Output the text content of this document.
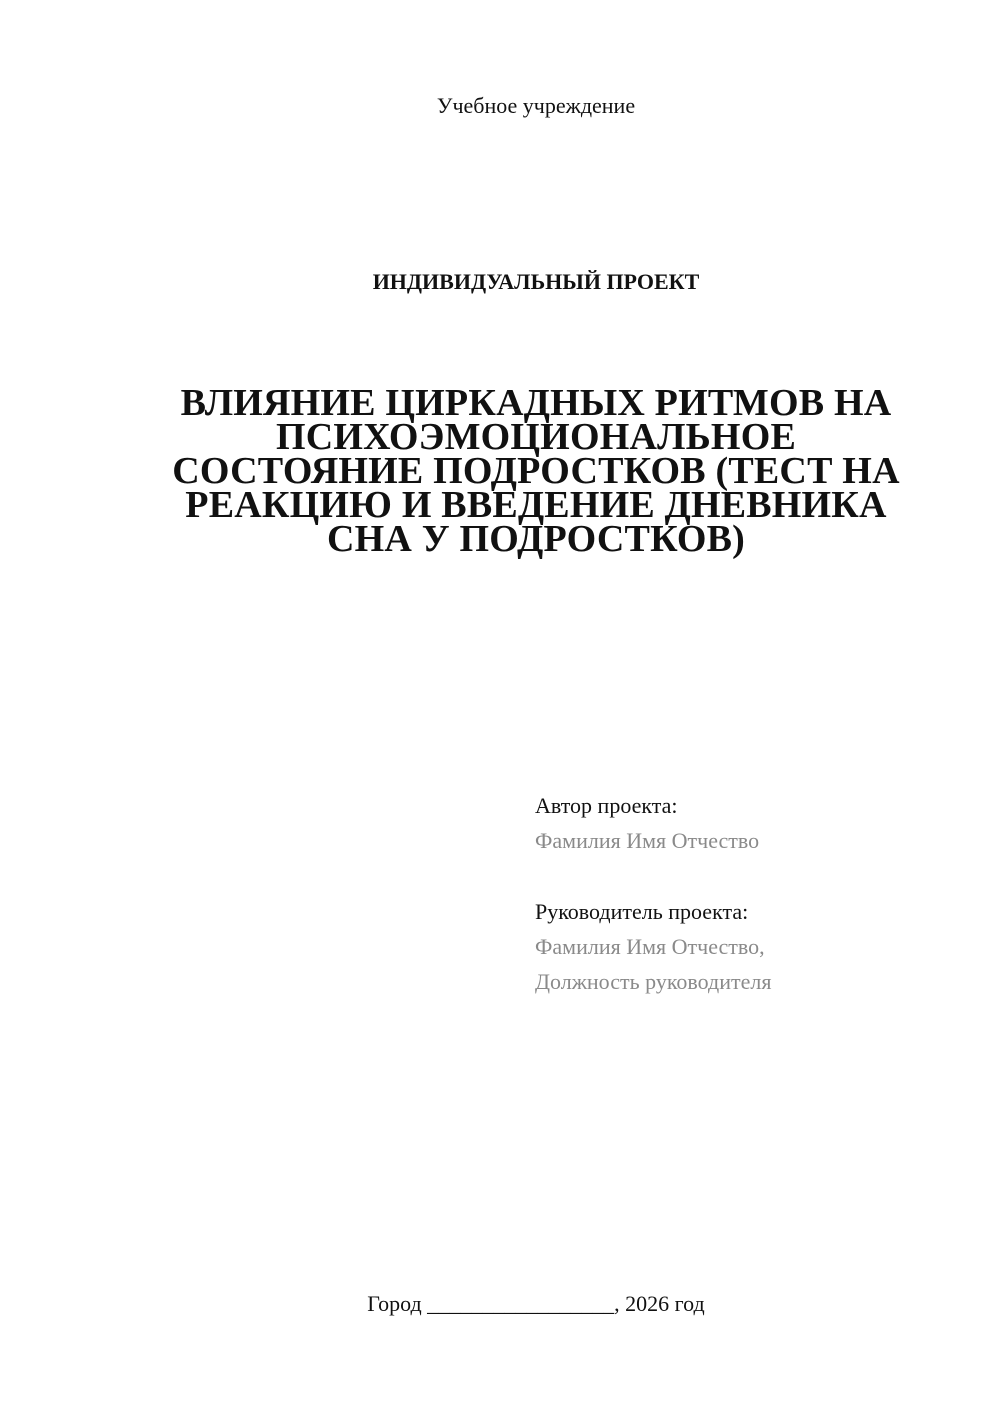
Учебное учреждение
ИНДИВИДУАЛЬНЫЙ ПРОЕКТ
ВЛИЯНИЕ ЦИРКАДНЫХ РИТМОВ НА
ПСИХОЭМОЦИОНАЛЬНОЕ
СОСТОЯНИЕ ПОДРОСТКОВ (ТЕСТ НА
РЕАКЦИЮ И ВВЕДЕНИЕ ДНЕВНИКА
СНА У ПОДРОСТКОВ)
Автор проекта:
Фамилия Имя Отчество
Руководитель проекта:
Фамилия Имя Отчество,
Должность руководителя
Город _________________, 2026 год
